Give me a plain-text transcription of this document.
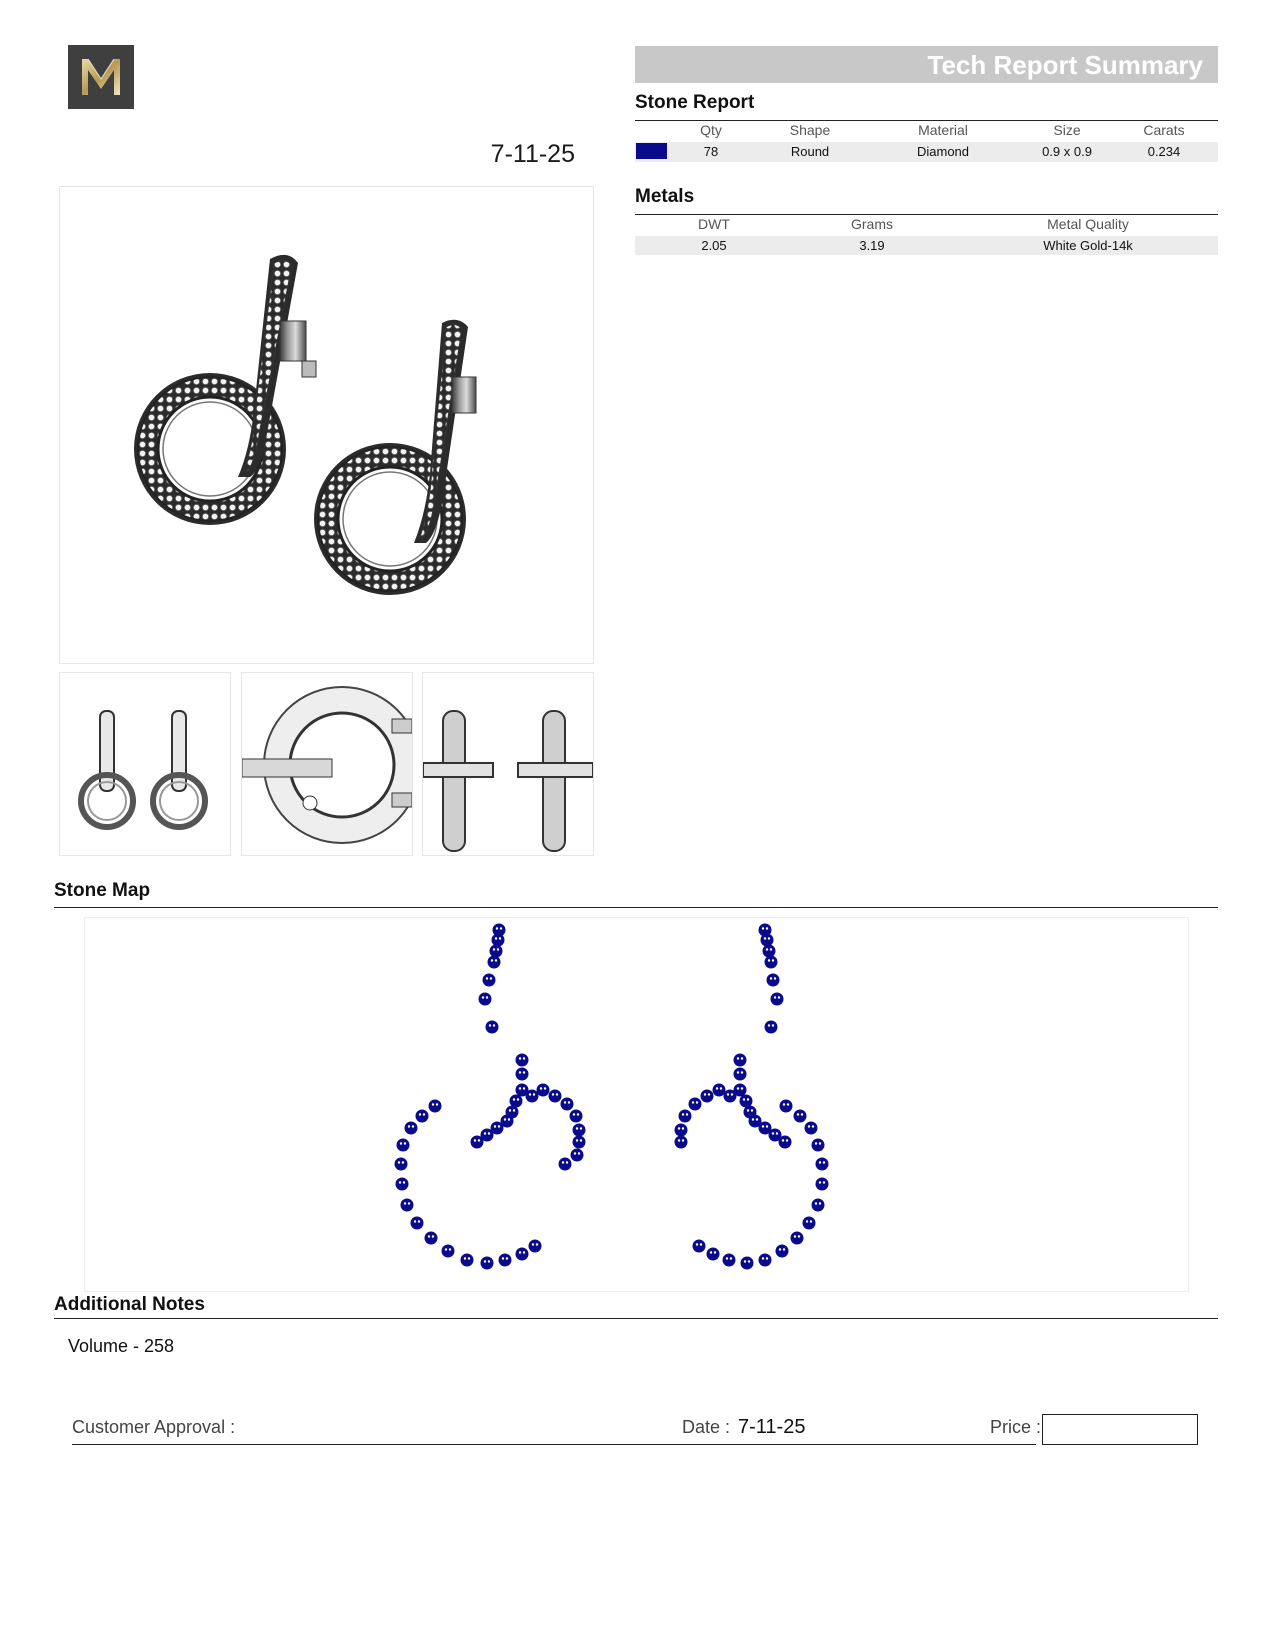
7-11-25
Tech Report Summary
Stone Report
Qty	Shape	Material	Size	Carats
78	Round	Diamond	0.9 x 0.9	0.234
Metals
DWT	Grams	Metal Quality
2.05	3.19	White Gold-14k
Stone Map
Additional Notes
Volume - 258
Customer Approval :	Date : 7-11-25	Price :
